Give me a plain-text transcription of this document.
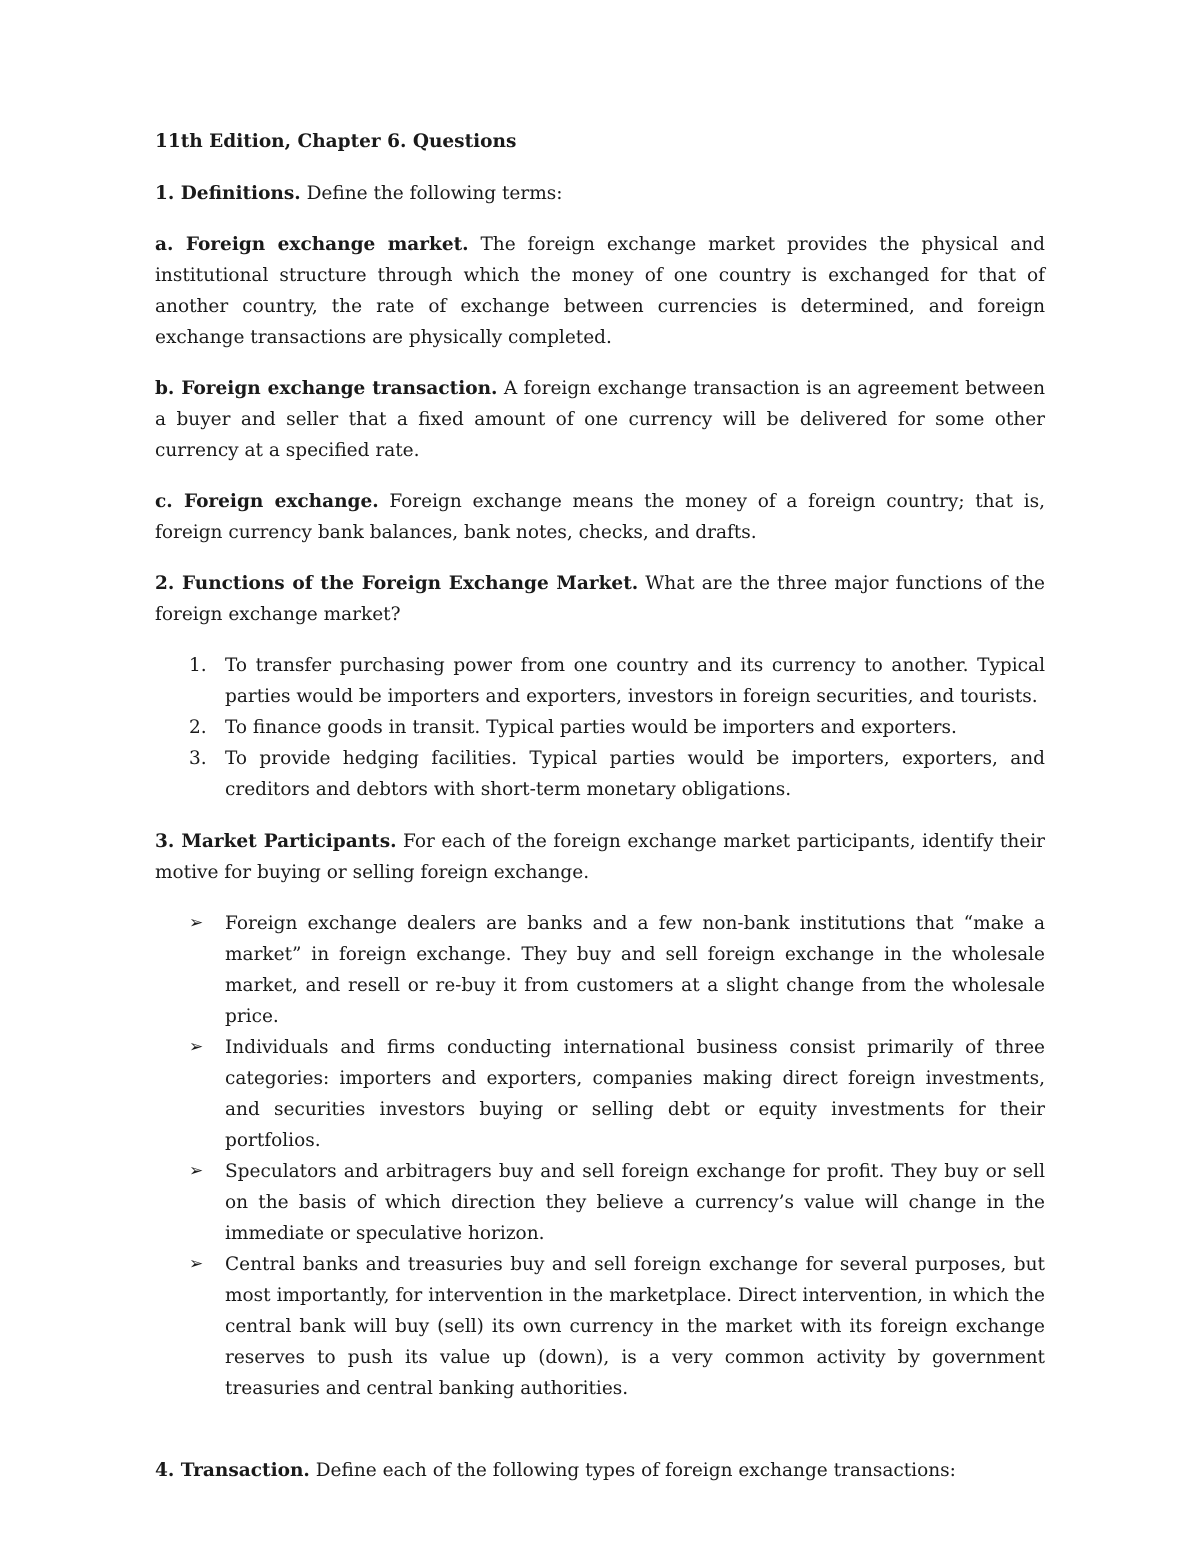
11th Edition, Chapter 6. Questions

1. Definitions. Define the following terms:

a. Foreign exchange market. The foreign exchange market provides the physical and institutional structure through which the money of one country is exchanged for that of another country, the rate of exchange between currencies is determined, and foreign exchange transactions are physically completed.

b. Foreign exchange transaction. A foreign exchange transaction is an agreement between a buyer and seller that a fixed amount of one currency will be delivered for some other currency at a specified rate.

c. Foreign exchange. Foreign exchange means the money of a foreign country; that is, foreign currency bank balances, bank notes, checks, and drafts.

2. Functions of the Foreign Exchange Market. What are the three major functions of the foreign exchange market?

1. To transfer purchasing power from one country and its currency to another. Typical parties would be importers and exporters, investors in foreign securities, and tourists.
2. To finance goods in transit. Typical parties would be importers and exporters.
3. To provide hedging facilities. Typical parties would be importers, exporters, and creditors and debtors with short-term monetary obligations.

3. Market Participants. For each of the foreign exchange market participants, identify their motive for buying or selling foreign exchange.

➢ Foreign exchange dealers are banks and a few non-bank institutions that “make a market” in foreign exchange. They buy and sell foreign exchange in the wholesale market, and resell or re-buy it from customers at a slight change from the wholesale price.
➢ Individuals and firms conducting international business consist primarily of three categories: importers and exporters, companies making direct foreign investments, and securities investors buying or selling debt or equity investments for their portfolios.
➢ Speculators and arbitragers buy and sell foreign exchange for profit. They buy or sell on the basis of which direction they believe a currency’s value will change in the immediate or speculative horizon.
➢ Central banks and treasuries buy and sell foreign exchange for several purposes, but most importantly, for intervention in the marketplace. Direct intervention, in which the central bank will buy (sell) its own currency in the market with its foreign exchange reserves to push its value up (down), is a very common activity by government treasuries and central banking authorities.

4. Transaction. Define each of the following types of foreign exchange transactions:
